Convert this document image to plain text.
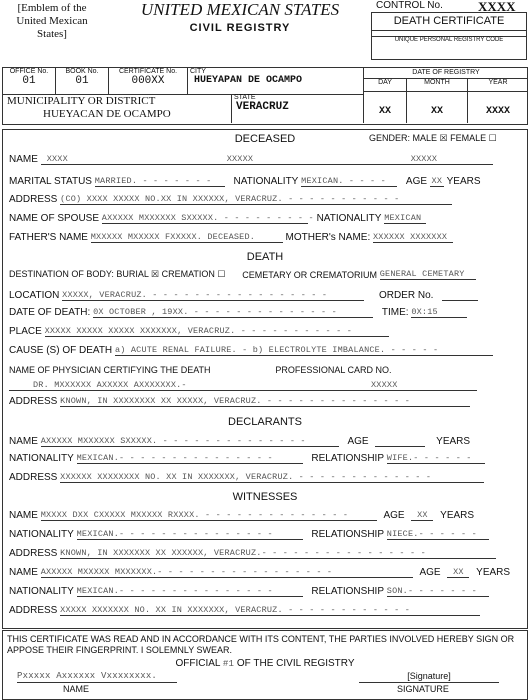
[Emblem of the United Mexican States]
UNITED MEXICAN STATES
CIVIL REGISTRY
CONTROL No.	XXXX
DEATH CERTIFICATE
UNIQUE PERSONAL REGISTRY CODE
OFFICE No.
01
BOOK No.
01
CERTIFICATE No.
000XX
CITY
HUEYAPAN DE OCAMPO
DATE OF REGISTRY
DAY	MONTH	YEAR
XX	XX	XXXX
MUNICIPALITY OR DISTRICT
HUEYACAN DE OCAMPO
STATE
VERACRUZ
DECEASED	GENDER: MALE ☒ FEMALE ☐
NAME XXXX	XXXXX	XXXXX

MARITAL STATUS MARRIED. - - - - - - - NATIONALITY MEXICAN. - - - - AGE XX YEARS
ADDRESS (CO) XXXX XXXXX NO.XX IN XXXXXX, VERACRUZ. - - - - - - - - - - -
NAME OF SPOUSE AXXXXX MXXXXXX SXXXXX. - - - - - - - - - NATIONALITY MEXICAN
FATHER'S NAME MXXXXX MXXXXX FXXXXX. DECEASED.	MOTHER's NAME: XXXXXX XXXXXXX
DEATH
DESTINATION OF BODY: BURIAL ☒ CREMATION ☐ CEMETARY OR CREMATORIUM GENERAL CEMETARY
LOCATION XXXXX, VERACRUZ. - - - - - - - - - - - - - - - - -	ORDER No.
DATE OF DEATH: 0X OCTOBER , 19XX. - - - - - - - - - - - - - -	TIME: 0X:15
PLACE XXXXX XXXXX XXXXX XXXXXXX, VERACRUZ. - - - - - - - - - - -
CAUSE (S) OF DEATH a) ACUTE RENAL FAILURE. - b) ELECTROLYTE IMBALANCE. - - - - -
NAME OF PHYSICIAN CERTIFYING THE DEATH	PROFESSIONAL CARD NO.
DR. MXXXXXX AXXXXX AXXXXXXX.-	XXXXX
ADDRESS KNOWN, IN XXXXXXXX XX XXXXX, VERACRUZ. - - - - - - - - - - - - - -
DECLARANTS
NAME AXXXXX MXXXXXX SXXXXX. - - - - - - - - - - - - - -	AGE	YEARS
NATIONALITY MEXICAN.- - - - - - - - - - - - - - -	RELATIONSHIP WIFE.- - - - - -
ADDRESS XXXXXX XXXXXXXX NO. XX IN XXXXXXX, VERACRUZ. - - - - - - - - - - - - -
WITNESSES
NAME MXXXX DXX CXXXXX MXXXXX RXXXX. - - - - - - - - - - - - - -	AGE XX YEARS
NATIONALITY MEXICAN.- - - - - - - - - - - - - - -	RELATIONSHIP NIECE.- - - - - -
ADDRESS KNOWN, IN XXXXXXX XX XXXXXX, VERACRUZ.- - - - - - - - - - - - - - - -
NAME AXXXXX MXXXXX MXXXXXX.- - - - - - - - - - - - - - - - -	AGE XX YEARS
NATIONALITY MEXICAN.- - - - - - - - - - - - - - -	RELATIONSHIP SON.- - - - - - -
ADDRESS XXXXX XXXXXXX NO. XX IN XXXXXXX, VERACRUZ. - - - - - - - - - - - -
THIS CERTIFICATE WAS READ AND IN ACCORDANCE WITH ITS CONTENT, THE PARTIES INVOLVED HEREBY SIGN OR APPOSE THEIR FINGERPRINT. I SOLEMNLY SWEAR.
OFFICIAL #1 OF THE CIVIL REGISTRY
Pxxxxx Axxxxxx Vxxxxxxxx.
NAME
[Signature]
SIGNATURE
